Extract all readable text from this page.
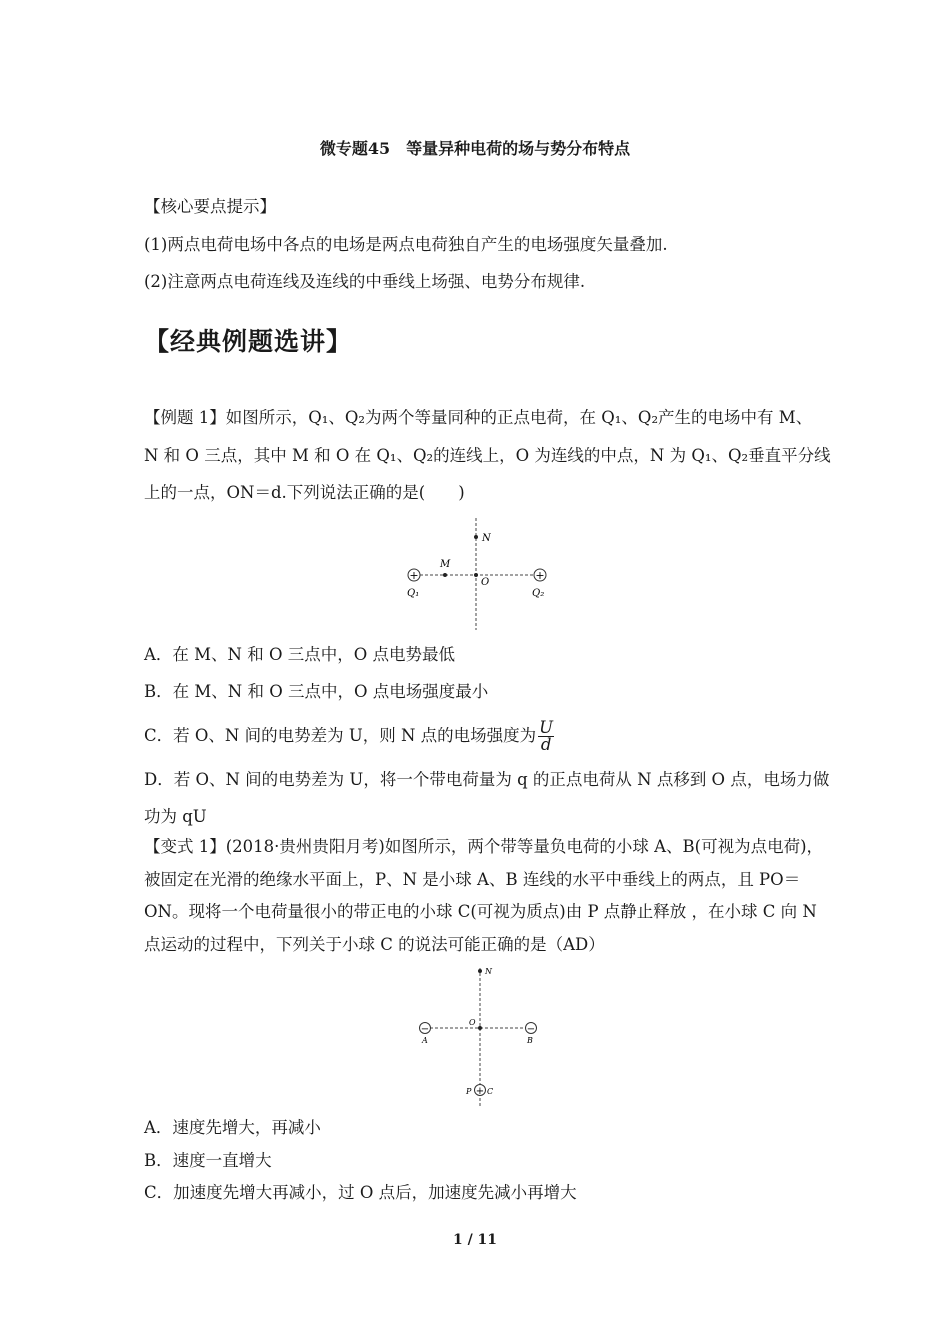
微专题45　等量异种电荷的场与势分布特点
【核心要点提示】
(1)两点电荷电场中各点的电场是两点电荷独自产生的电场强度矢量叠加.
(2)注意两点电荷连线及连线的中垂线上场强、电势分布规律.
【经典例题选讲】
【例题 1】如图所示，Q₁、Q₂为两个等量同种的正点电荷，在 Q₁、Q₂产生的电场中有 M、
N 和 O 三点，其中 M 和 O 在 Q₁、Q₂的连线上，O 为连线的中点，N 为 Q₁、Q₂垂直平分线
上的一点，ON＝d.下列说法正确的是(　　)
+	+
N
M
O
Q₁	Q₂
A．在 M、N 和 O 三点中，O 点电势最低
B．在 M、N 和 O 三点中，O 点电场强度最小
C．若 O、N 间的电势差为 U，则 N 点的电场强度为 $\frac{U}{d}$
D．若 O、N 间的电势差为 U，将一个带电荷量为 q 的正点电荷从 N 点移到 O 点，电场力做
功为 qU
【变式 1】(2018·贵州贵阳月考)如图所示，两个带等量负电荷的小球 A、B(可视为点电荷)，
被固定在光滑的绝缘水平面上，P、N 是小球 A、B 连线的水平中垂线上的两点，且 PO＝
ON。现将一个电荷量很小的带正电的小球 C(可视为质点)由 P 点静止释放 ，在小球 C 向 N
点运动的过程中，下列关于小球 C 的说法可能正确的是（AD）
−	−
+
N
O
A	B
P C
A．速度先增大，再减小
B．速度一直增大
C．加速度先增大再减小，过 O 点后，加速度先减小再增大
1 / 11
